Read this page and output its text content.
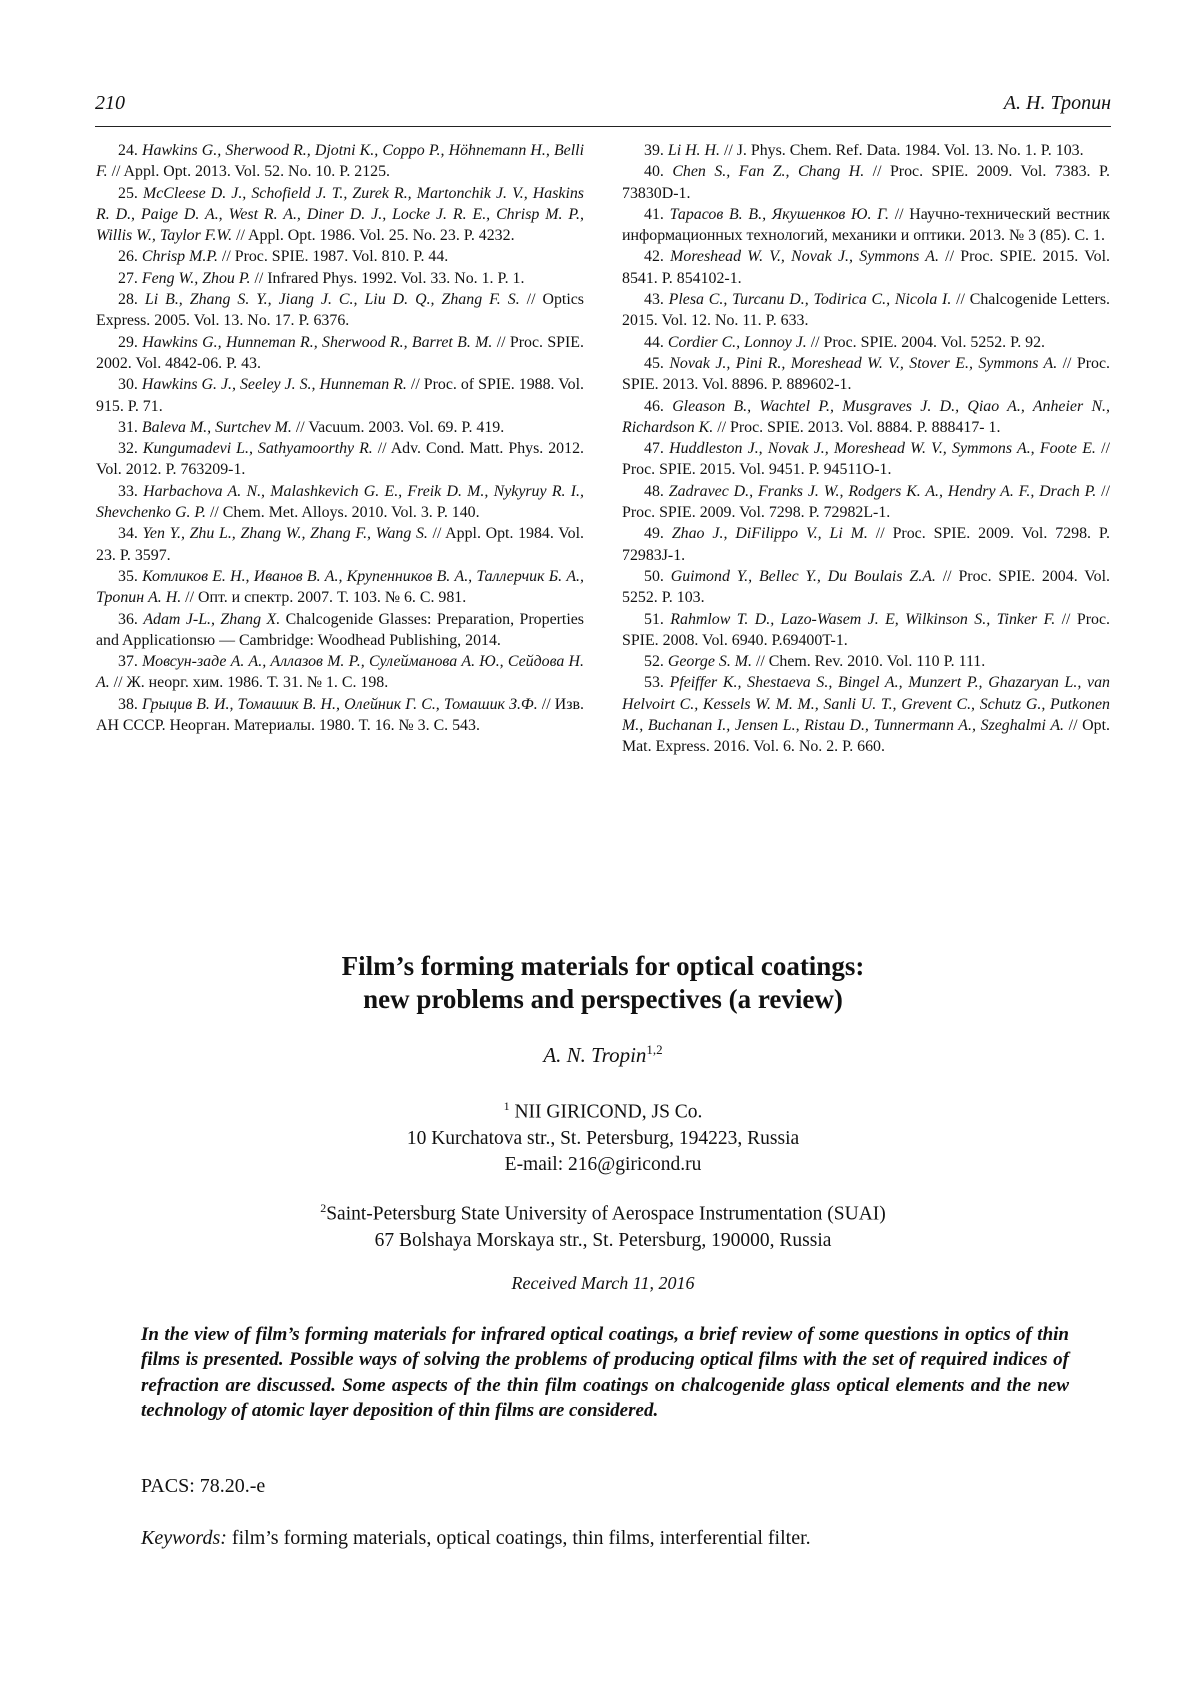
210	А. Н. Тропин

24. Hawkins G., Sherwood R., Djotni K., Coppo P., Höhnemann H., Belli F. // Appl. Opt. 2013. Vol. 52. No. 10. P. 2125.

25. McCleese D. J., Schofield J. T., Zurek R., Martonchik J. V., Haskins R. D., Paige D. A., West R. A., Diner D. J., Locke J. R. E., Chrisp M. P., Willis W., Taylor F.W. // Appl. Opt. 1986. Vol. 25. No. 23. P. 4232.

26. Chrisp M.P. // Proc. SPIE. 1987. Vol. 810. P. 44.

27. Feng W., Zhou P. // Infrared Phys. 1992. Vol. 33. No. 1. P. 1.

28. Li B., Zhang S. Y., Jiang J. C., Liu D. Q., Zhang F. S. // Optics Express. 2005. Vol. 13. No. 17. P. 6376.

29. Hawkins G., Hunneman R., Sherwood R., Barret B. M. // Proc. SPIE. 2002. Vol. 4842-06. P. 43.

30. Hawkins G. J., Seeley J. S., Hunneman R. // Proc. of SPIE. 1988. Vol. 915. P. 71.

31. Baleva M., Surtchev M. // Vacuum. 2003. Vol. 69. P. 419.

32. Kungumadevi L., Sathyamoorthy R. // Adv. Cond. Matt. Phys. 2012. Vol. 2012. P. 763209-1.

33. Harbachova A. N., Malashkevich G. E., Freik D. M., Nykyruy R. I., Shevchenko G. P. // Chem. Met. Alloys. 2010. Vol. 3. P. 140.

34. Yen Y., Zhu L., Zhang W., Zhang F., Wang S. // Appl. Opt. 1984. Vol. 23. P. 3597.

35. Котликов Е. Н., Иванов В. А., Крупенников В. А., Таллерчик Б. А., Тропин А. Н. // Опт. и спектр. 2007. Т. 103. № 6. С. 981.

36. Adam J-L., Zhang X. Chalcogenide Glasses: Preparation, Properties and Applicationsю — Cambridge: Woodhead Publishing, 2014.

37. Мовсун-заде А. А., Аллазов М. Р., Сулейманова А. Ю., Сейдова Н. А. // Ж. неорг. хим. 1986. Т. 31. № 1. С. 198.

38. Грыцив В. И., Томашик В. Н., Олейник Г. С., Томашик З.Ф. // Изв. АН СССР. Неорган. Материалы. 1980. Т. 16. № 3. С. 543.

39. Li H. H. // J. Phys. Chem. Ref. Data. 1984. Vol. 13. No. 1. P. 103.

40. Chen S., Fan Z., Chang H. // Proc. SPIE. 2009. Vol. 7383. P. 73830D-1.

41. Тарасов В. В., Якушенков Ю. Г. // Научно-технический вестник информационных технологий, механики и оптики. 2013. № 3 (85). С. 1.

42. Moreshead W. V., Novak J., Symmons A. // Proc. SPIE. 2015. Vol. 8541. P. 854102-1.

43. Plesa C., Turcanu D., Todirica C., Nicola I. // Chalcogenide Letters. 2015. Vol. 12. No. 11. P. 633.

44. Cordier C., Lonnoy J. // Proc. SPIE. 2004. Vol. 5252. P. 92.

45. Novak J., Pini R., Moreshead W. V., Stover E., Symmons A. // Proc. SPIE. 2013. Vol. 8896. P. 889602-1.

46. Gleason B., Wachtel P., Musgraves J. D., Qiao A., Anheier N., Richardson K. // Proc. SPIE. 2013. Vol. 8884. P. 888417- 1.

47. Huddleston J., Novak J., Moreshead W. V., Symmons A., Foote E. // Proc. SPIE. 2015. Vol. 9451. P. 94511O-1.

48. Zadravec D., Franks J. W., Rodgers K. A., Hendry A. F., Drach P. // Proc. SPIE. 2009. Vol. 7298. P. 72982L-1.

49. Zhao J., DiFilippo V., Li M. // Proc. SPIE. 2009. Vol. 7298. P. 72983J-1.

50. Guimond Y., Bellec Y., Du Boulais Z.A. // Proc. SPIE. 2004. Vol. 5252. P. 103.

51. Rahmlow T. D., Lazo-Wasem J. E, Wilkinson S., Tinker F. // Proc. SPIE. 2008. Vol. 6940. P.69400T-1.

52. George S. M. // Chem. Rev. 2010. Vol. 110 P. 111.

53. Pfeiffer K., Shestaeva S., Bingel A., Munzert P., Ghazaryan L., van Helvoirt C., Kessels W. M. M., Sanli U. T., Grevent C., Schutz G., Putkonen M., Buchanan I., Jensen L., Ristau D., Tunnermann A., Szeghalmi A. // Opt. Mat. Express. 2016. Vol. 6. No. 2. P. 660.

Film’s forming materials for optical coatings:
new problems and perspectives (a review)
A. N. Tropin$^{1,2}$
$^1$ NII GIRICOND, JS Co.
10 Kurchatova str., St. Petersburg, 194223, Russia
E-mail: 216@giricond.ru
$^2$Saint-Petersburg State University of Aerospace Instrumentation (SUAI)
67 Bolshaya Morskaya str., St. Petersburg, 190000, Russia
Received March 11, 2016
In the view of film’s forming materials for infrared optical coatings, a brief review of some questions in optics of thin films is presented. Possible ways of solving the problems of producing optical films with the set of required indices of refraction are discussed. Some aspects of the thin film coatings on chalcogenide glass optical elements and the new technology of atomic layer deposition of thin films are considered.
PACS: 78.20.-e
Keywords: film’s forming materials, optical coatings, thin films, interferential filter.
